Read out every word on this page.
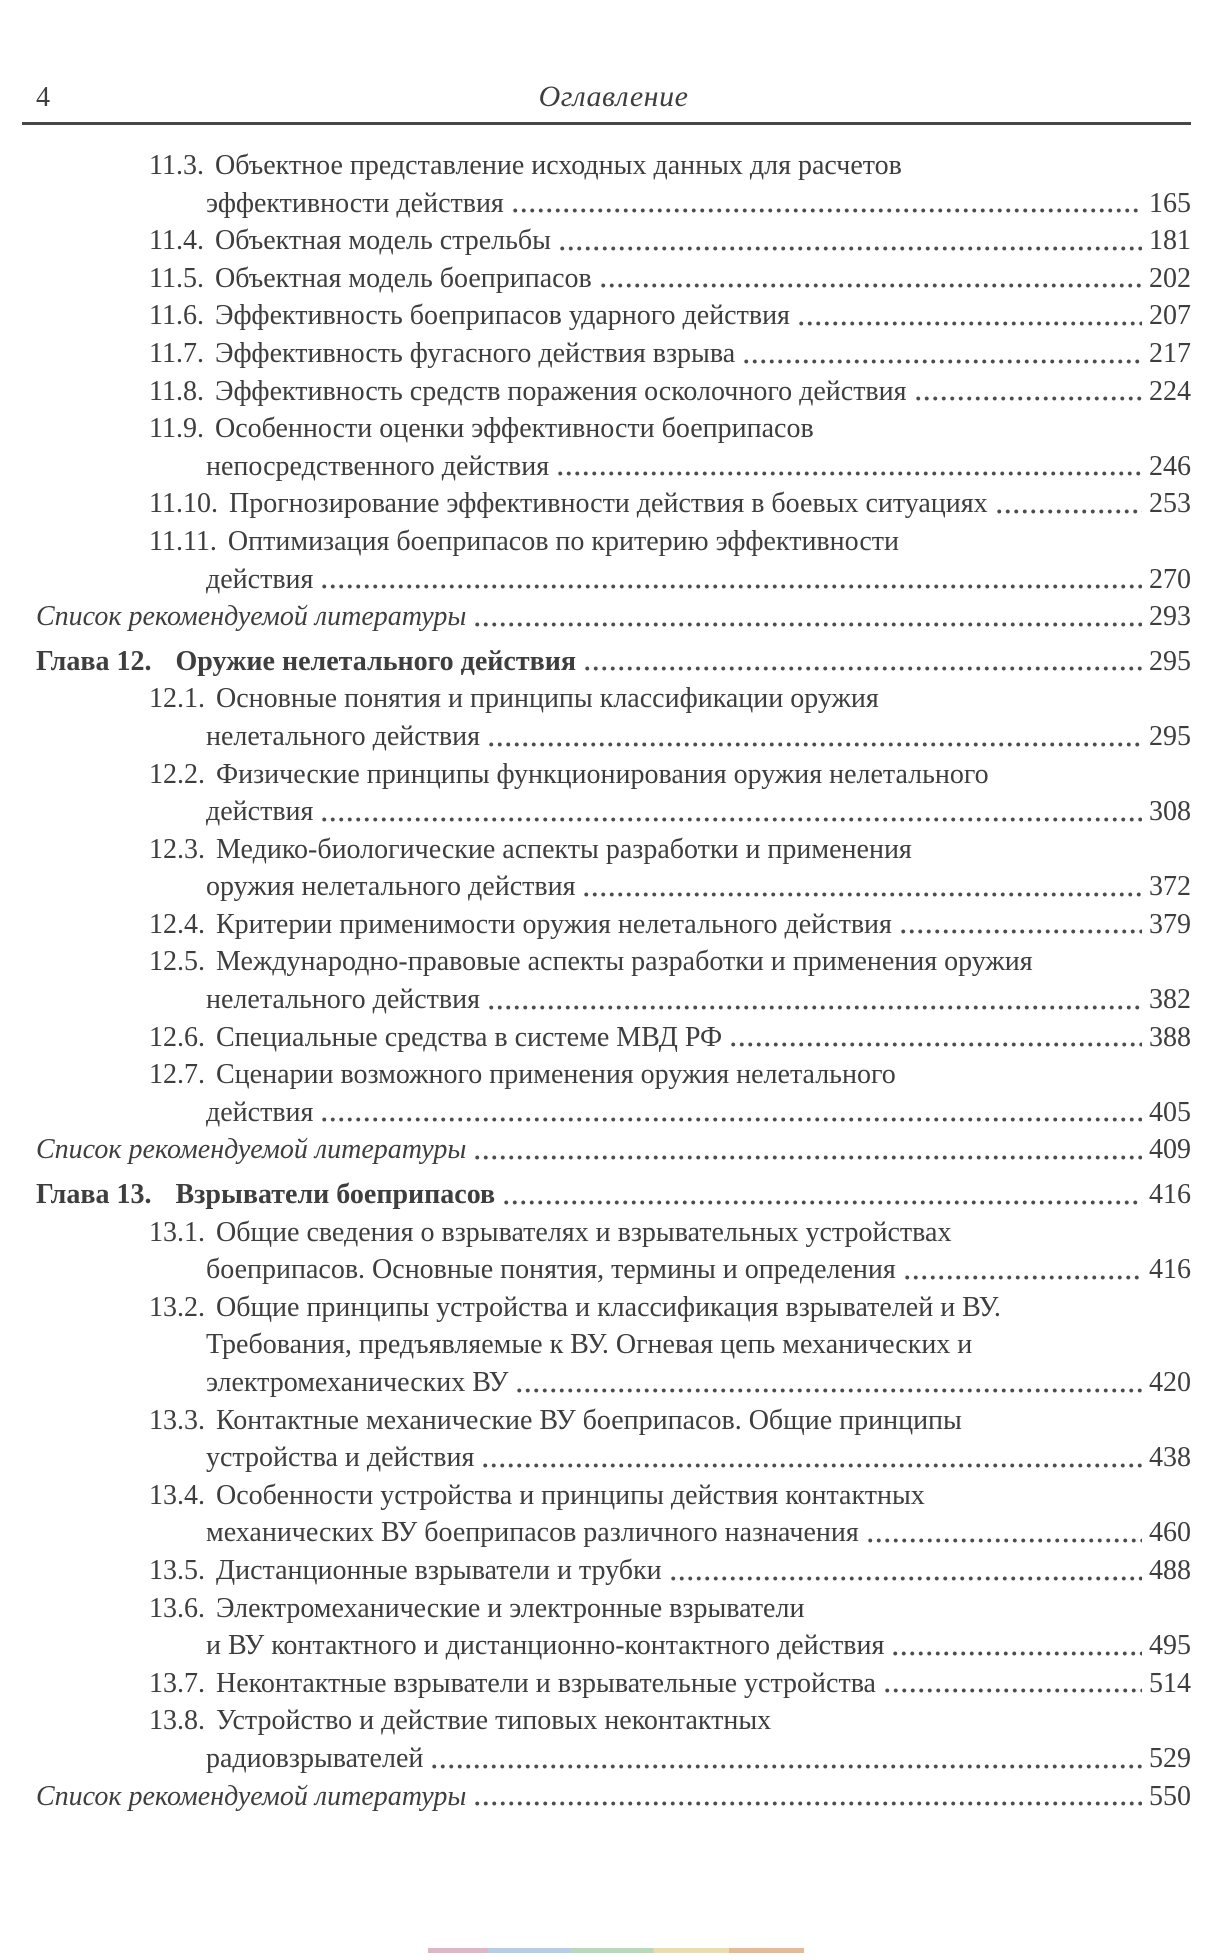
4	Оглавление
11.3. Объектное представление исходных данных для расчетов
эффективности действия	165
11.4. Объектная модель стрельбы	181
11.5. Объектная модель боеприпасов	202
11.6. Эффективность боеприпасов ударного действия	207
11.7. Эффективность фугасного действия взрыва	217
11.8. Эффективность средств поражения осколочного действия	224
11.9. Особенности оценки эффективности боеприпасов
непосредственного действия	246
11.10. Прогнозирование эффективности действия в боевых ситуациях	253
11.11. Оптимизация боеприпасов по критерию эффективности
действия	270
Список рекомендуемой литературы	293
Глава 12. Оружие нелетального действия	295
12.1. Основные понятия и принципы классификации оружия
нелетального действия	295
12.2. Физические принципы функционирования оружия нелетального
действия	308
12.3. Медико-биологические аспекты разработки и применения
оружия нелетального действия	372
12.4. Критерии применимости оружия нелетального действия	379
12.5. Международно-правовые аспекты разработки и применения оружия
нелетального действия	382
12.6. Специальные средства в системе МВД РФ	388
12.7. Сценарии возможного применения оружия нелетального
действия	405
Список рекомендуемой литературы	409
Глава 13. Взрыватели боеприпасов	416
13.1. Общие сведения о взрывателях и взрывательных устройствах
боеприпасов. Основные понятия, термины и определения	416
13.2. Общие принципы устройства и классификация взрывателей и ВУ.
Требования, предъявляемые к ВУ. Огневая цепь механических и
электромеханических ВУ	420
13.3. Контактные механические ВУ боеприпасов. Общие принципы
устройства и действия	438
13.4. Особенности устройства и принципы действия контактных
механических ВУ боеприпасов различного назначения	460
13.5. Дистанционные взрыватели и трубки	488
13.6. Электромеханические и электронные взрыватели
и ВУ контактного и дистанционно-контактного действия	495
13.7. Неконтактные взрыватели и взрывательные устройства	514
13.8. Устройство и действие типовых неконтактных
радиовзрывателей	529
Список рекомендуемой литературы	550
